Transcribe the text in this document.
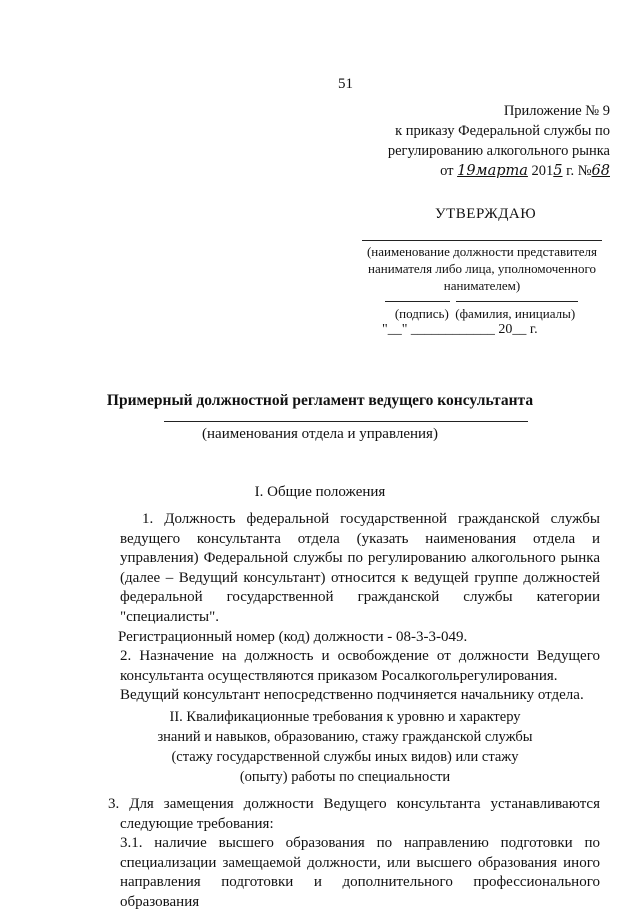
51
Приложение № 9
к приказу Федеральной службы по
регулированию алкогольного рынка
от 19марта 2015 г. №68
УТВЕРЖДАЮ
(наименование должности представителя нанимателя либо лица, уполномоченного нанимателем)
(подпись)  (фамилия, инициалы)
"__" ____________ 20__ г.
Примерный должностной регламент ведущего консультанта
(наименования отдела и управления)
I. Общие положения

1. Должность федеральной государственной гражданской службы ведущего консультанта отдела (указать наименования отдела и управления) Федеральной службы по регулированию алкогольного рынка (далее – Ведущий консультант) относится к ведущей группе должностей федеральной государственной гражданской службы категории "специалисты".

Регистрационный номер (код) должности - 08-3-3-049.

2. Назначение на должность и освобождение от должности Ведущего консультанта осуществляются приказом Росалкогольрегулирования.

Ведущий консультант непосредственно подчиняется начальнику отдела.

II. Квалификационные требования к уровню и характеру знаний и навыков, образованию, стажу гражданской службы (стажу государственной службы иных видов) или стажу (опыту) работы по специальности

3. Для замещения должности Ведущего консультанта устанавливаются следующие требования:

3.1. наличие высшего образования по направлению подготовки по специализации замещаемой должности, или высшего образования иного направления подготовки и дополнительного профессионального образования
